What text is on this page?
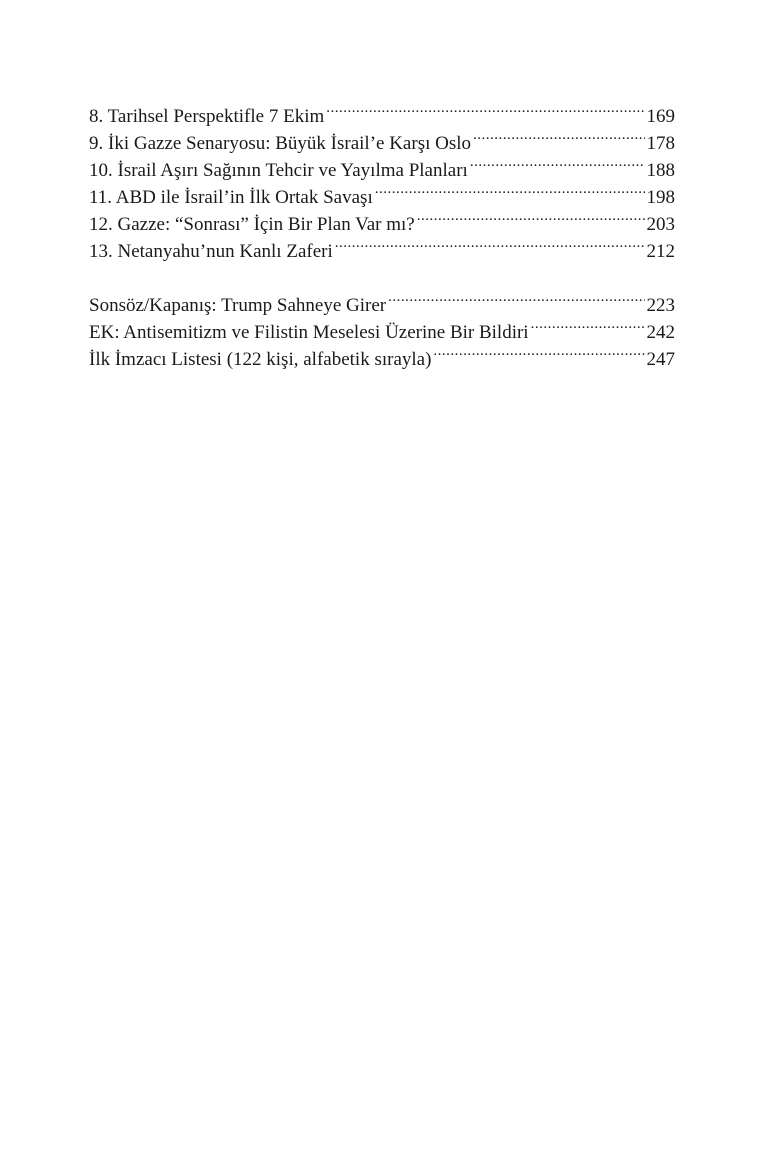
8. Tarihsel Perspektifle 7 Ekim .....	169
9. İki Gazze Senaryosu: Büyük İsrail’e Karşı Oslo .....	178
10. İsrail Aşırı Sağının Tehcir ve Yayılma Planları .....	188
11. ABD ile İsrail’in İlk Ortak Savaşı .....	198
12. Gazze: “Sonrası” İçin Bir Plan Var mı? .....	203
13. Netanyahu’nun Kanlı Zaferi .....	212
Sonsöz/Kapanış: Trump Sahneye Girer .....	223
EK: Antisemitizm ve Filistin Meselesi Üzerine Bir Bildiri .....	242
İlk İmzacı Listesi (122 kişi, alfabetik sırayla) .....	247
